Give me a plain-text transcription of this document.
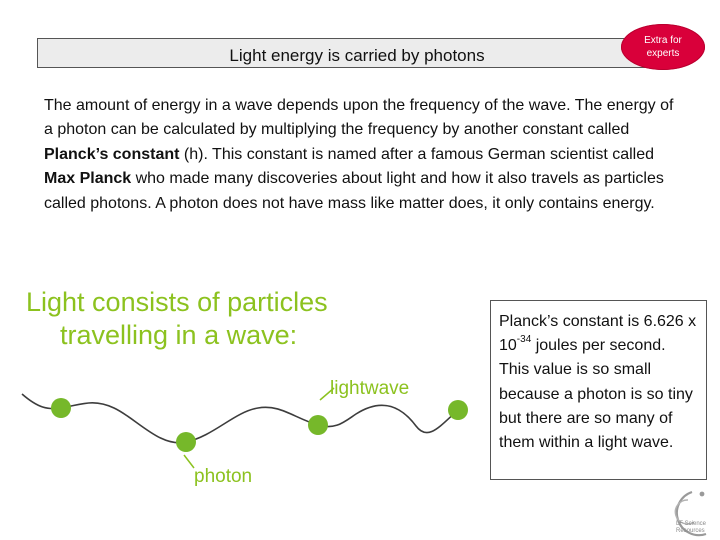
Light energy is carried by photons
Extra for
experts

The amount of energy in a wave depends upon the frequency of the wave. The energy of a photon can be calculated by multiplying the frequency by another constant called Planck’s constant (h). This constant is named after a famous German scientist called Max Planck who made many discoveries about light and how it also travels as particles called photons. A photon does not have mass like matter does, it only contains energy.

Light consists of particles
travelling in a wave:
lightwave
photon
Planck’s constant is 6.626 x $10^{-34}$ joules per second. This value is so small because a photon is so tiny but there are so many of them within a light wave.
LF Science
Resources
